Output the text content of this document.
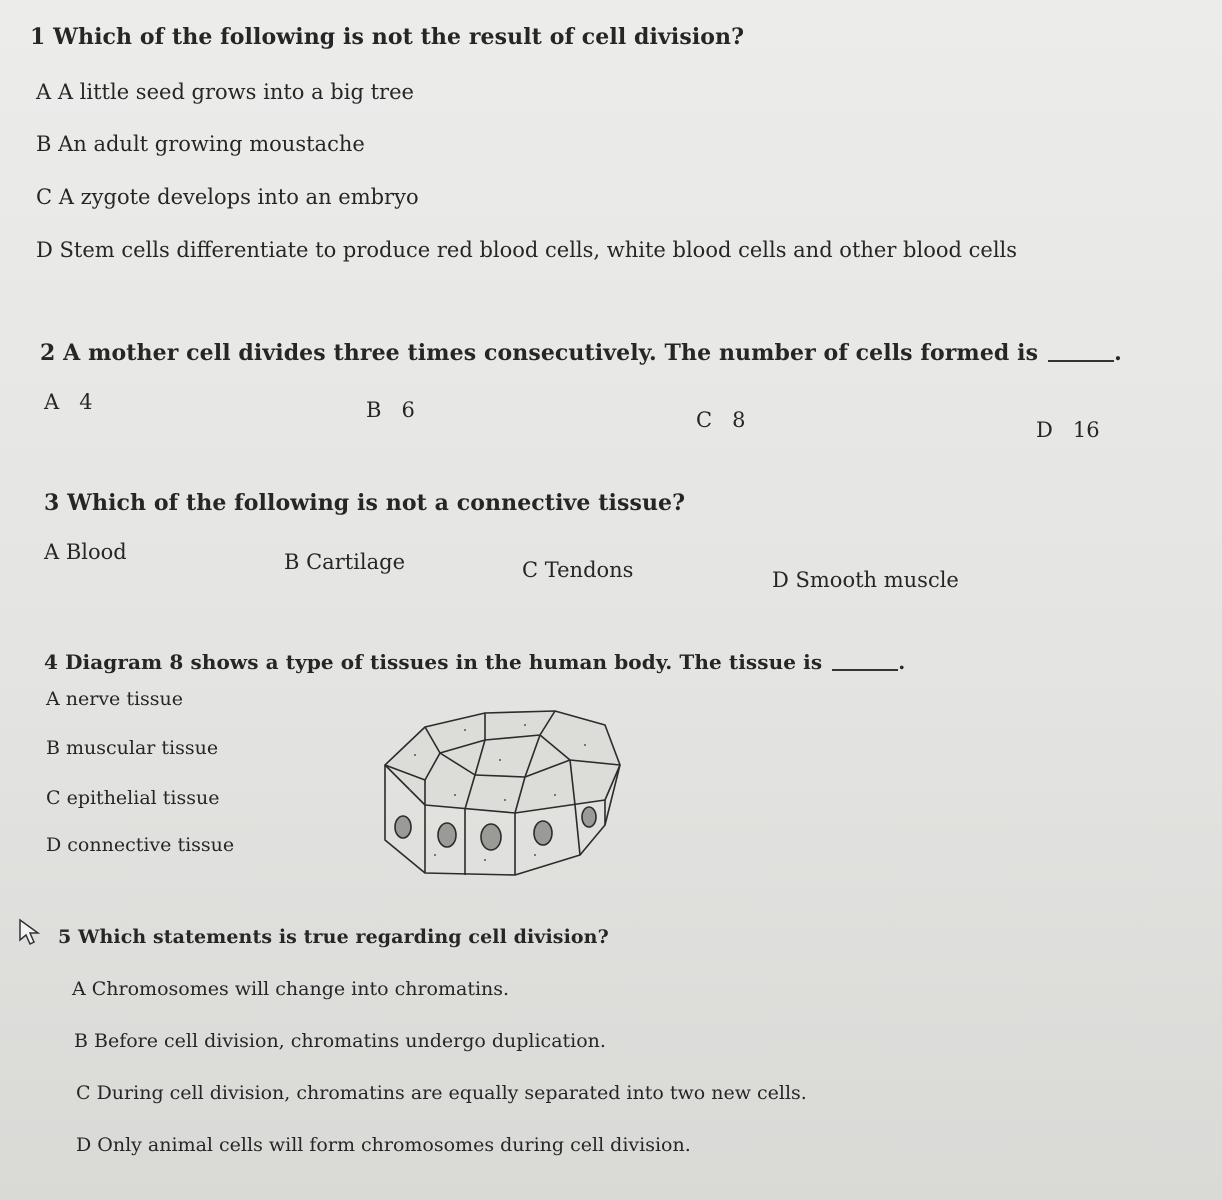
1 Which of the following is not the result of cell division?
A A little seed grows into a big tree
B An adult growing moustache
C A zygote develops into an embryo
D Stem cells differentiate to produce red blood cells, white blood cells and other blood cells
2 A mother cell divides three times consecutively. The number of cells formed is	.
A   4	B   6	C   8	D   16
3 Which of the following is not a connective tissue?
A Blood	B Cartilage	C Tendons	D Smooth muscle
4 Diagram 8 shows a type of tissues in the human body. The tissue is	.
A nerve tissue
B muscular tissue
C epithelial tissue
D connective tissue
5 Which statements is true regarding cell division?
A Chromosomes will change into chromatins.
B Before cell division, chromatins undergo duplication.
C During cell division, chromatins are equally separated into two new cells.
D Only animal cells will form chromosomes during cell division.
